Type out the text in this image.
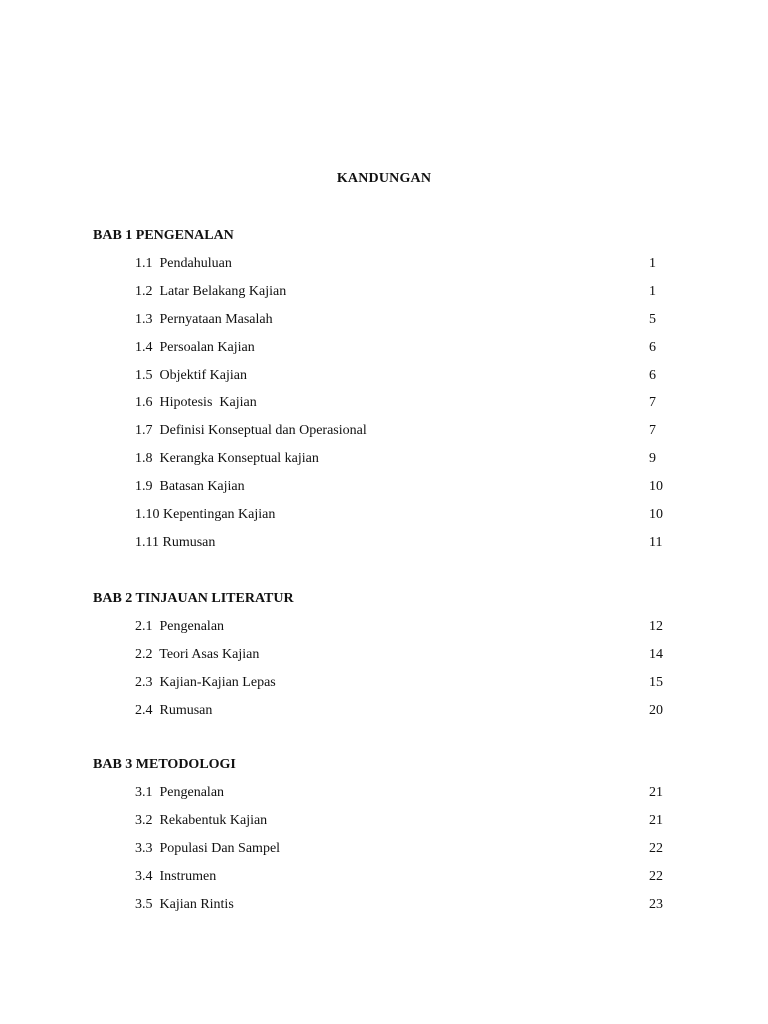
KANDUNGAN
BAB 1 PENGENALAN
1.1  Pendahuluan	1
1.2  Latar Belakang Kajian	1
1.3  Pernyataan Masalah	5
1.4  Persoalan Kajian	6
1.5  Objektif Kajian	6
1.6  Hipotesis  Kajian	7
1.7  Definisi Konseptual dan Operasional	7
1.8  Kerangka Konseptual kajian	9
1.9  Batasan Kajian	10
1.10 Kepentingan Kajian	10
1.11 Rumusan	11
BAB 2 TINJAUAN LITERATUR
2.1  Pengenalan	12
2.2  Teori Asas Kajian	14
2.3  Kajian-Kajian Lepas	15
2.4  Rumusan	20
BAB 3 METODOLOGI
3.1  Pengenalan	21
3.2  Rekabentuk Kajian	21
3.3  Populasi Dan Sampel	22
3.4  Instrumen	22
3.5  Kajian Rintis	23
